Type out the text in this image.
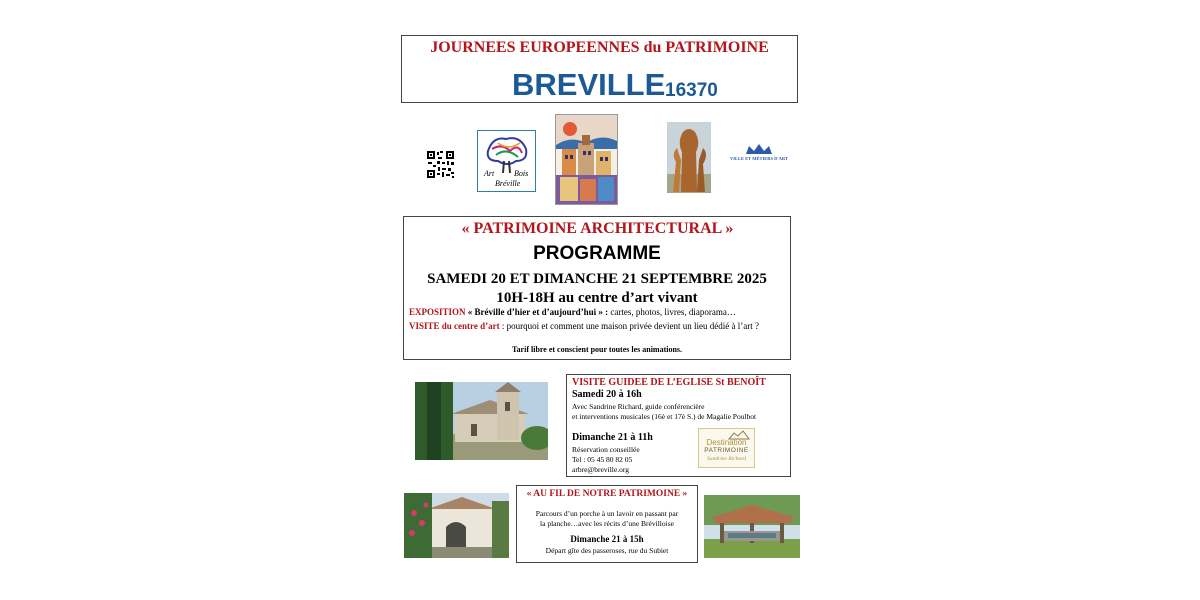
JOURNEES EUROPEENNES du PATRIMOINE
BREVILLE 16370
Art Bois
Bréville
VILLE ET MÉTIERS D'ART
« PATRIMOINE ARCHITECTURAL »
PROGRAMME
SAMEDI 20 ET DIMANCHE 21 SEPTEMBRE 2025
10H-18H au centre d’art vivant
EXPOSITION « Bréville d’hier et d’aujourd’hui » : cartes, photos, livres, diaporama…
VISITE du centre d’art : pourquoi et comment une maison privée devient un lieu dédié à l’art ?
Tarif libre et conscient pour toutes les animations.
VISITE GUIDEE DE L’EGLISE St BENOÎT
Samedi 20 à 16h
Avec Sandrine Richard, guide conférencière
et interventions musicales (16è et 17è S.) de Magalie Poulbot
Dimanche 21 à 11h
Réservation conseillée
Tel : 05 45 80 82 05
arbre@breville.org
Destination
PATRIMOINE
Sandrine Richard
« AU FIL DE NOTRE PATRIMOINE »
Parcours d’un porche à un lavoir en passant par
la planche…avec les récits d’une Brévilloise
Dimanche 21 à 15h
Départ gîte des passeroses, rue du Subiet
